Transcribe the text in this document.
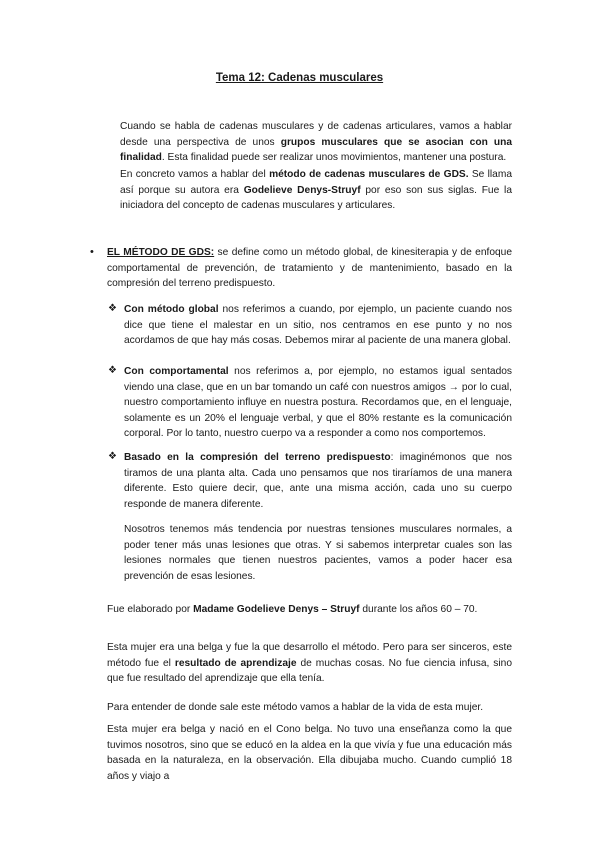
Tema 12: Cadenas musculares

Cuando se habla de cadenas musculares y de cadenas articulares, vamos a hablar desde una perspectiva de unos grupos musculares que se asocian con una finalidad. Esta finalidad puede ser realizar unos movimientos, mantener una postura.

En concreto vamos a hablar del método de cadenas musculares de GDS. Se llama así porque su autora era Godelieve Denys-Struyf por eso son sus siglas. Fue la iniciadora del concepto de cadenas musculares y articulares.

• EL MÉTODO DE GDS: se define como un método global, de kinesiterapia y de enfoque comportamental de prevención, de tratamiento y de mantenimiento, basado en la compresión del terreno predispuesto.

❖ Con método global nos referimos a cuando, por ejemplo, un paciente cuando nos dice que tiene el malestar en un sitio, nos centramos en ese punto y no nos acordamos de que hay más cosas. Debemos mirar al paciente de una manera global.

❖ Con comportamental nos referimos a, por ejemplo, no estamos igual sentados viendo una clase, que en un bar tomando un café con nuestros amigos → por lo cual, nuestro comportamiento influye en nuestra postura. Recordamos que, en el lenguaje, solamente es un 20% el lenguaje verbal, y que el 80% restante es la comunicación corporal. Por lo tanto, nuestro cuerpo va a responder a como nos comportemos.

❖ Basado en la compresión del terreno predispuesto: imaginémonos que nos tiramos de una planta alta. Cada uno pensamos que nos tiraríamos de una manera diferente. Esto quiere decir, que, ante una misma acción, cada uno su cuerpo responde de manera diferente.

Nosotros tenemos más tendencia por nuestras tensiones musculares normales, a poder tener más unas lesiones que otras. Y si sabemos interpretar cuales son las lesiones normales que tienen nuestros pacientes, vamos a poder hacer esa prevención de esas lesiones.

Fue elaborado por Madame Godelieve Denys – Struyf durante los años 60 – 70.

Esta mujer era una belga y fue la que desarrollo el método. Pero para ser sinceros, este método fue el resultado de aprendizaje de muchas cosas. No fue ciencia infusa, sino que fue resultado del aprendizaje que ella tenía.

Para entender de donde sale este método vamos a hablar de la vida de esta mujer.

Esta mujer era belga y nació en el Cono belga. No tuvo una enseñanza como la que tuvimos nosotros, sino que se educó en la aldea en la que vivía y fue una educación más basada en la naturaleza, en la observación. Ella dibujaba mucho. Cuando cumplió 18 años y viajo a
